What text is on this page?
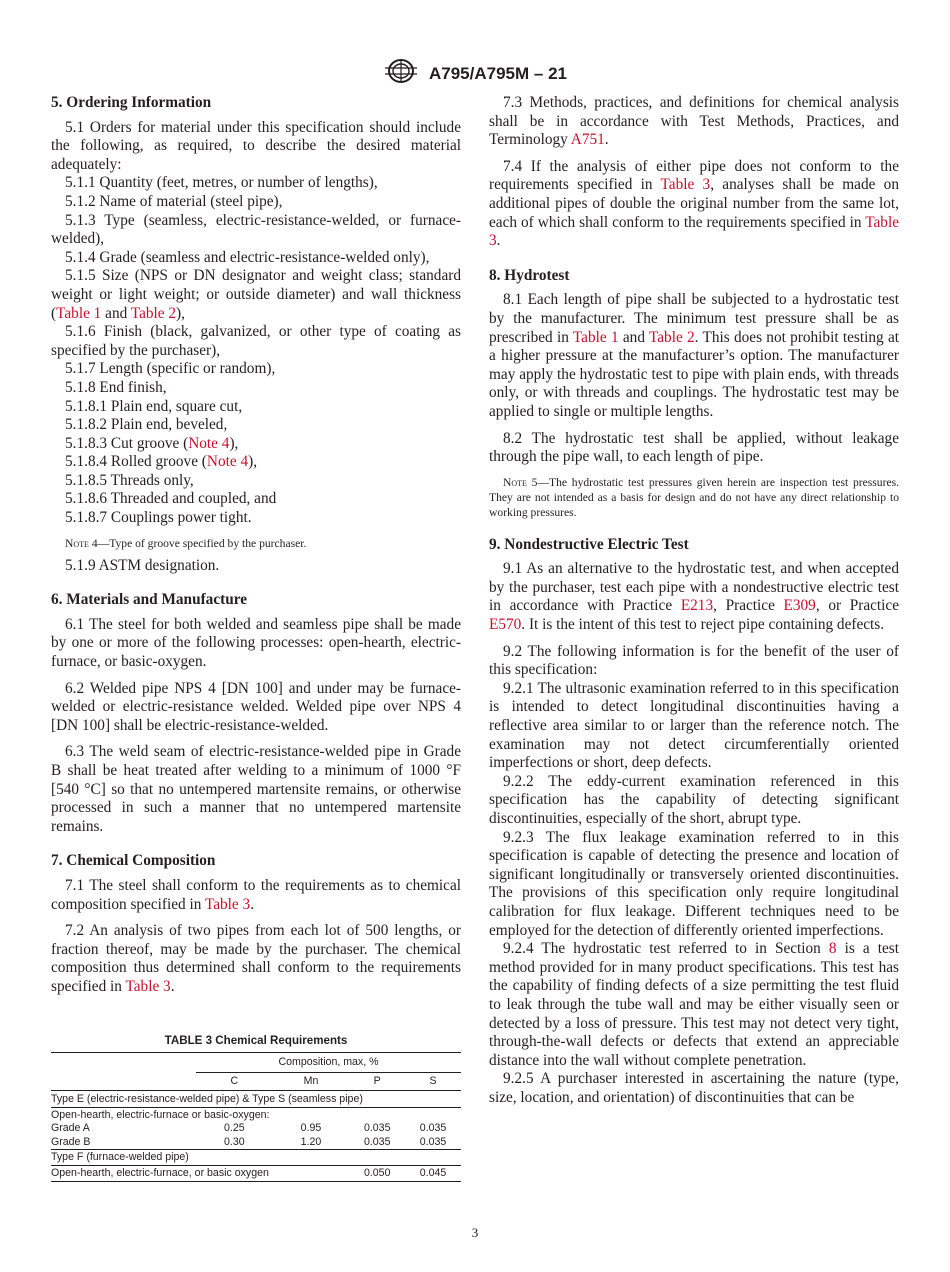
A795/A795M – 21
5. Ordering Information

5.1 Orders for material under this specification should include the following, as required, to describe the desired material adequately:

5.1.1 Quantity (feet, metres, or number of lengths),

5.1.2 Name of material (steel pipe),

5.1.3 Type (seamless, electric-resistance-welded, or furnace-welded),

5.1.4 Grade (seamless and electric-resistance-welded only),

5.1.5 Size (NPS or DN designator and weight class; standard weight or light weight; or outside diameter) and wall thickness (Table 1 and Table 2),

5.1.6 Finish (black, galvanized, or other type of coating as specified by the purchaser),

5.1.7 Length (specific or random),

5.1.8 End finish,

5.1.8.1 Plain end, square cut,

5.1.8.2 Plain end, beveled,

5.1.8.3 Cut groove (Note 4),

5.1.8.4 Rolled groove (Note 4),

5.1.8.5 Threads only,

5.1.8.6 Threaded and coupled, and

5.1.8.7 Couplings power tight.

Note 4—Type of groove specified by the purchaser.

5.1.9 ASTM designation.

6. Materials and Manufacture

6.1 The steel for both welded and seamless pipe shall be made by one or more of the following processes: open-hearth, electric-furnace, or basic-oxygen.

6.2 Welded pipe NPS 4 [DN 100] and under may be furnace-welded or electric-resistance welded. Welded pipe over NPS 4 [DN 100] shall be electric-resistance-welded.

6.3 The weld seam of electric-resistance-welded pipe in Grade B shall be heat treated after welding to a minimum of 1000 °F [540 °C] so that no untempered martensite remains, or otherwise processed in such a manner that no untempered martensite remains.

7. Chemical Composition

7.1 The steel shall conform to the requirements as to chemical composition specified in Table 3.

7.2 An analysis of two pipes from each lot of 500 lengths, or fraction thereof, may be made by the purchaser. The chemical composition thus determined shall conform to the requirements specified in Table 3.

TABLE 3 Chemical Requirements
	Composition, max, %			
	C	Mn	P	S
Type E (electric-resistance-welded pipe) & Type S (seamless pipe)				
Open-hearth, electric-furnace or basic-oxygen:				
Grade A	0.25	0.95	0.035	0.035
Grade B	0.30	1.20	0.035	0.035
Type F (furnace-welded pipe)				
Open-hearth, electric-furnace, or basic oxygen			0.050	0.045

7.3 Methods, practices, and definitions for chemical analysis shall be in accordance with Test Methods, Practices, and Terminology A751.

7.4 If the analysis of either pipe does not conform to the requirements specified in Table 3, analyses shall be made on additional pipes of double the original number from the same lot, each of which shall conform to the requirements specified in Table 3.

8. Hydrotest

8.1 Each length of pipe shall be subjected to a hydrostatic test by the manufacturer. The minimum test pressure shall be as prescribed in Table 1 and Table 2. This does not prohibit testing at a higher pressure at the manufacturer’s option. The manufacturer may apply the hydrostatic test to pipe with plain ends, with threads only, or with threads and couplings. The hydrostatic test may be applied to single or multiple lengths.

8.2 The hydrostatic test shall be applied, without leakage through the pipe wall, to each length of pipe.

Note 5—The hydrostatic test pressures given herein are inspection test pressures. They are not intended as a basis for design and do not have any direct relationship to working pressures.
9. Nondestructive Electric Test

9.1 As an alternative to the hydrostatic test, and when accepted by the purchaser, test each pipe with a nondestructive electric test in accordance with Practice E213, Practice E309, or Practice E570. It is the intent of this test to reject pipe containing defects.

9.2 The following information is for the benefit of the user of this specification:

9.2.1 The ultrasonic examination referred to in this specification is intended to detect longitudinal discontinuities having a reflective area similar to or larger than the reference notch. The examination may not detect circumferentially oriented imperfections or short, deep defects.

9.2.2 The eddy-current examination referenced in this specification has the capability of detecting significant discontinuities, especially of the short, abrupt type.

9.2.3 The flux leakage examination referred to in this specification is capable of detecting the presence and location of significant longitudinally or transversely oriented discontinuities. The provisions of this specification only require longitudinal calibration for flux leakage. Different techniques need to be employed for the detection of differently oriented imperfections.

9.2.4 The hydrostatic test referred to in Section 8 is a test method provided for in many product specifications. This test has the capability of finding defects of a size permitting the test fluid to leak through the tube wall and may be either visually seen or detected by a loss of pressure. This test may not detect very tight, through-the-wall defects or defects that extend an appreciable distance into the wall without complete penetration.

9.2.5 A purchaser interested in ascertaining the nature (type, size, location, and orientation) of discontinuities that can be

3
